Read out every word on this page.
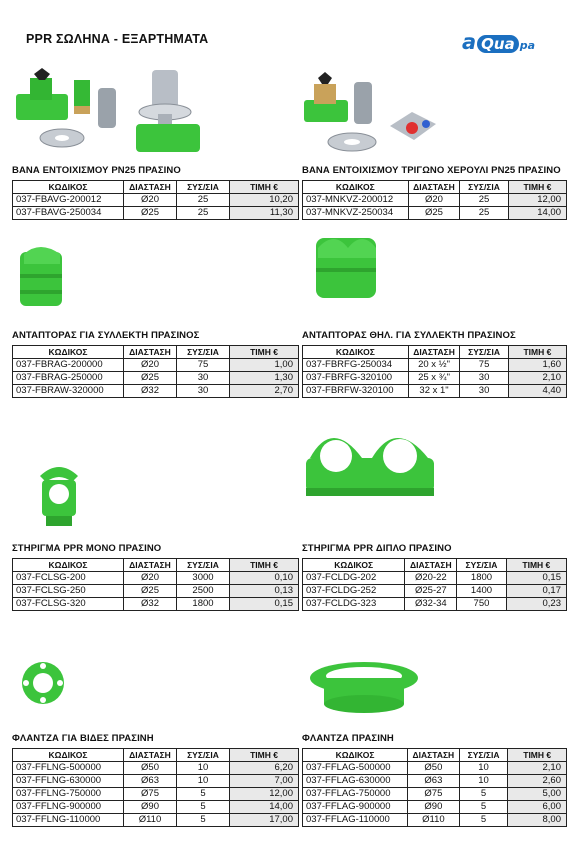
PPR ΣΩΛΗΝΑ - ΕΞΑΡΤΗΜΑΤΑ	a Qua pa
ΒΑΝΑ ΕΝΤΟΙΧΙΣΜΟΥ PN25 ΠΡΑΣΙΝΟ
ΚΩΔΙΚΟΣ	ΔΙΑΣΤΑΣΗ	ΣΥΣ/ΣΙΑ	ΤΙΜΗ €
037-FBAVG-200012	Ø20	25	10,20
037-FBAVG-250034	Ø25	25	11,30
ΒΑΝΑ ΕΝΤΟΙΧΙΣΜΟΥ ΤΡΙΓΩΝΟ ΧΕΡΟΥΛΙ PN25 ΠΡΑΣΙΝΟ
ΚΩΔΙΚΟΣ	ΔΙΑΣΤΑΣΗ	ΣΥΣ/ΣΙΑ	ΤΙΜΗ €
037-MNKVZ-200012	Ø20	25	12,00
037-MNKVZ-250034	Ø25	25	14,00
ΑΝΤΑΠΤΟΡΑΣ ΓΙΑ ΣΥΛΛΕΚΤΗ ΠΡΑΣΙΝΟΣ
ΚΩΔΙΚΟΣ	ΔΙΑΣΤΑΣΗ	ΣΥΣ/ΣΙΑ	ΤΙΜΗ €
037-FBRAG-200000	Ø20	75	1,00
037-FBRAG-250000	Ø25	30	1,30
037-FBRAW-320000	Ø32	30	2,70
ΑΝΤΑΠΤΟΡΑΣ ΘΗΛ. ΓΙΑ ΣΥΛΛΕΚΤΗ ΠΡΑΣΙΝΟΣ
ΚΩΔΙΚΟΣ	ΔΙΑΣΤΑΣΗ	ΣΥΣ/ΣΙΑ	ΤΙΜΗ €
037-FBRFG-250034	20 x ½"	75	1,60
037-FBRFG-320100	25 x ¾"	30	2,10
037-FBRFW-320100	32 x 1"	30	4,40
ΣΤΗΡΙΓΜΑ PPR ΜΟΝΟ ΠΡΑΣΙΝΟ
ΚΩΔΙΚΟΣ	ΔΙΑΣΤΑΣΗ	ΣΥΣ/ΣΙΑ	ΤΙΜΗ €
037-FCLSG-200	Ø20	3000	0,10
037-FCLSG-250	Ø25	2500	0,13
037-FCLSG-320	Ø32	1800	0,15
ΣΤΗΡΙΓΜΑ PPR ΔΙΠΛΟ ΠΡΑΣΙΝΟ
ΚΩΔΙΚΟΣ	ΔΙΑΣΤΑΣΗ	ΣΥΣ/ΣΙΑ	ΤΙΜΗ €
037-FCLDG-202	Ø20-22	1800	0,15
037-FCLDG-252	Ø25-27	1400	0,17
037-FCLDG-323	Ø32-34	750	0,23
ΦΛΑΝΤΖΑ ΓΙΑ ΒΙΔΕΣ ΠΡΑΣΙΝΗ
ΚΩΔΙΚΟΣ	ΔΙΑΣΤΑΣΗ	ΣΥΣ/ΣΙΑ	ΤΙΜΗ €
037-FFLNG-500000	Ø50	10	6,20
037-FFLNG-630000	Ø63	10	7,00
037-FFLNG-750000	Ø75	5	12,00
037-FFLNG-900000	Ø90	5	14,00
037-FFLNG-110000	Ø110	5	17,00
ΦΛΑΝΤΖΑ ΠΡΑΣΙΝΗ
ΚΩΔΙΚΟΣ	ΔΙΑΣΤΑΣΗ	ΣΥΣ/ΣΙΑ	ΤΙΜΗ €
037-FFLAG-500000	Ø50	10	2,10
037-FFLAG-630000	Ø63	10	2,60
037-FFLAG-750000	Ø75	5	5,00
037-FFLAG-900000	Ø90	5	6,00
037-FFLAG-110000	Ø110	5	8,00
